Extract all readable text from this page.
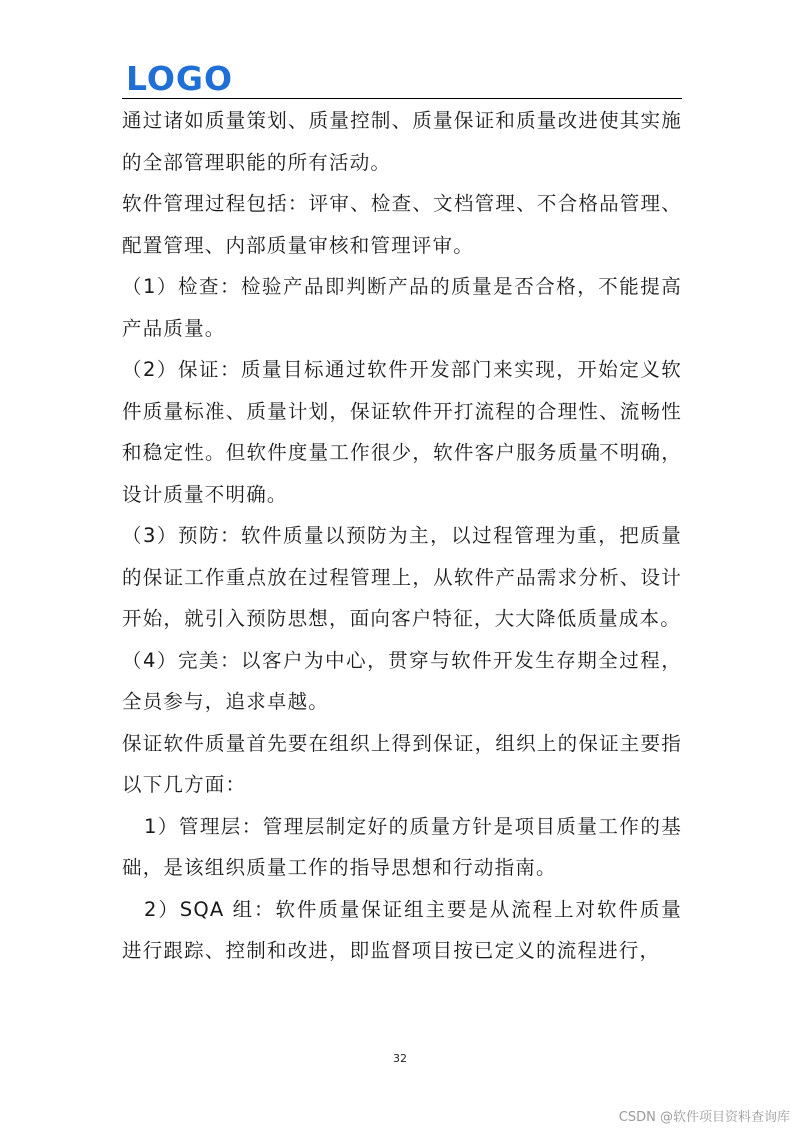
LOGO

通过诸如质量策划、质量控制、质量保证和质量改进使其实施的全部管理职能的所有活动。

软件管理过程包括：评审、检查、文档管理、不合格品管理、配置管理、内部质量审核和管理评审。

（1）检查：检验产品即判断产品的质量是否合格，不能提高产品质量。

（2）保证：质量目标通过软件开发部门来实现，开始定义软件质量标准、质量计划，保证软件开打流程的合理性、流畅性和稳定性。但软件度量工作很少，软件客户服务质量不明确，设计质量不明确。

（3）预防：软件质量以预防为主，以过程管理为重，把质量的保证工作重点放在过程管理上，从软件产品需求分析、设计开始，就引入预防思想，面向客户特征，大大降低质量成本。

（4）完美：以客户为中心，贯穿与软件开发生存期全过程，全员参与，追求卓越。

保证软件质量首先要在组织上得到保证，组织上的保证主要指以下几方面：

1）管理层：管理层制定好的质量方针是项目质量工作的基础，是该组织质量工作的指导思想和行动指南。

2）SQA 组：软件质量保证组主要是从流程上对软件质量进行跟踪、控制和改进，即监督项目按已定义的流程进行，

32
CSDN @软件项目资料查询库
